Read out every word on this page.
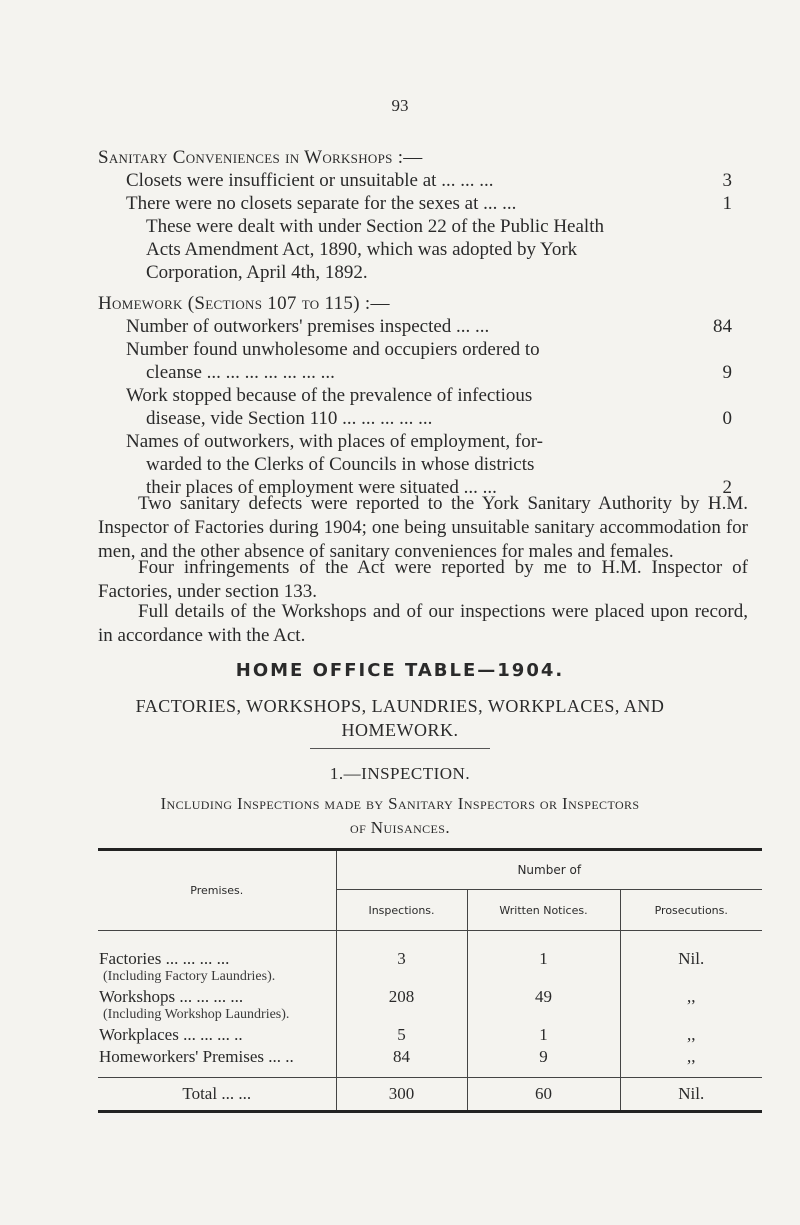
93
Sanitary Conveniences in Workshops :—
Closets were insufficient or unsuitable at ... ... ...	3
There were no closets separate for the sexes at ... ...	1
These were dealt with under Section 22 of the Public Health
Acts Amendment Act, 1890, which was adopted by York
Corporation, April 4th, 1892.
Homework (Sections 107 to 115) :—
Number of outworkers' premises inspected ... ...	84
Number found unwholesome and occupiers ordered to
cleanse ... ... ... ... ... ... ...	9
Work stopped because of the prevalence of infectious
disease, vide Section 110 ... ... ... ... ...	0
Names of outworkers, with places of employment, for-
warded to the Clerks of Councils in whose districts
their places of employment were situated ... ...	2
Two sanitary defects were reported to the York Sanitary Authority by H.M. Inspector of Factories during 1904; one being unsuitable sanitary accommodation for men, and the other absence of sanitary conveniences for males and females.
Four infringements of the Act were reported by me to H.M. Inspector of Factories, under section 133.
Full details of the Workshops and of our inspections were placed upon record, in accordance with the Act.
HOME OFFICE TABLE—1904.
FACTORIES, WORKSHOPS, LAUNDRIES, WORKPLACES, AND
HOMEWORK.
1.—INSPECTION.
Including Inspections made by Sanitary Inspectors or Inspectors
of Nuisances.
Premises.	Number of		
	Inspections.	Written Notices.	Prosecutions.

Factories ... ... ... ...
(Including Factory Laundries).	3	1	Nil.

Workshops ... ... ... ...
(Including Workshop Laundries).	208	49	,,
Workplaces ... ... ... ..	5	1	,,
Homeworkers' Premises ... ..	84	9	,,
Total ... ...	300	60	Nil.
